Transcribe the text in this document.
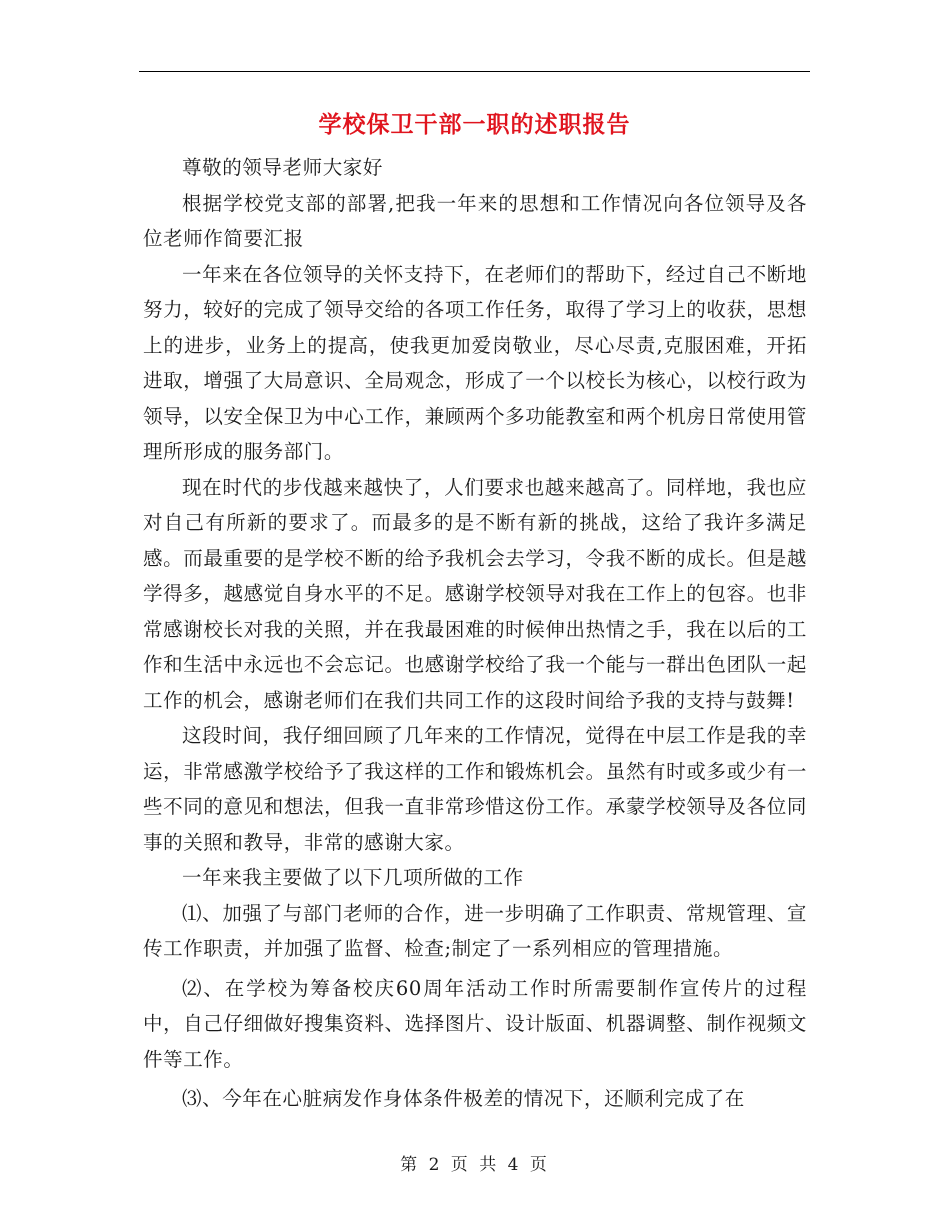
学校保卫干部一职的述职报告

尊敬的领导老师大家好

根据学校党支部的部署,把我一年来的思想和工作情况向各位领导及各位老师作简要汇报

一年来在各位领导的关怀支持下，在老师们的帮助下，经过自己不断地努力，较好的完成了领导交给的各项工作任务，取得了学习上的收获，思想上的进步，业务上的提高，使我更加爱岗敬业，尽心尽责,克服困难，开拓进取，增强了大局意识、全局观念，形成了一个以校长为核心，以校行政为领导，以安全保卫为中心工作，兼顾两个多功能教室和两个机房日常使用管理所形成的服务部门。

现在时代的步伐越来越快了，人们要求也越来越高了。同样地，我也应对自己有所新的要求了。而最多的是不断有新的挑战，这给了我许多满足感。而最重要的是学校不断的给予我机会去学习，令我不断的成长。但是越学得多，越感觉自身水平的不足。感谢学校领导对我在工作上的包容。也非常感谢校长对我的关照，并在我最困难的时候伸出热情之手，我在以后的工作和生活中永远也不会忘记。也感谢学校给了我一个能与一群出色团队一起工作的机会，感谢老师们在我们共同工作的这段时间给予我的支持与鼓舞!

这段时间，我仔细回顾了几年来的工作情况，觉得在中层工作是我的幸运，非常感激学校给予了我这样的工作和锻炼机会。虽然有时或多或少有一些不同的意见和想法，但我一直非常珍惜这份工作。承蒙学校领导及各位同事的关照和教导，非常的感谢大家。

一年来我主要做了以下几项所做的工作

⑴、加强了与部门老师的合作，进一步明确了工作职责、常规管理、宣传工作职责，并加强了监督、检查;制定了一系列相应的管理措施。

⑵、在学校为筹备校庆60周年活动工作时所需要制作宣传片的过程中，自己仔细做好搜集资料、选择图片、设计版面、机器调整、制作视频文件等工作。

⑶、今年在心脏病发作身体条件极差的情况下，还顺利完成了在

第 2 页 共 4 页
